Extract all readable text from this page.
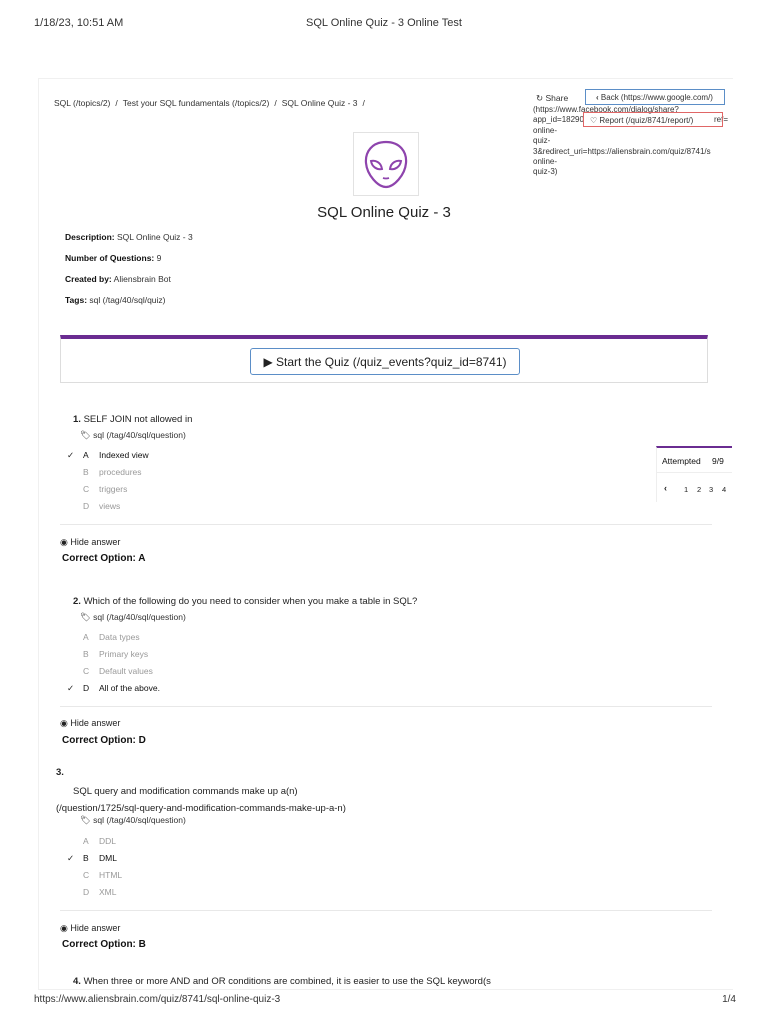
1/18/23, 10:51 AM	SQL Online Quiz - 3 Online Test
https://www.aliensbrain.com/quiz/8741/sql-online-quiz-3	1/4
SQL (/topics/2) / Test your SQL fundamentals (/topics/2) / SQL Online Quiz - 3 /	↻ Share
(https://www.facebook.com/dialog/share?
app_id=18290
online-
quiz-
3&redirect_uri=https://aliensbrain.com/quiz/8741/s
online-
quiz-3)
ref=
‹ Back (https://www.google.com/)
♡ Report (/quiz/8741/report/)
SQL Online Quiz - 3
Description: SQL Online Quiz - 3
Number of Questions: 9
Created by: Aliensbrain Bot
Tags: sql (/tag/40/sql/quiz)
▶ Start the Quiz (/quiz_events?quiz_id=8741)
Attempted 9/9
‹ 1 2 3 4
1. SELF JOIN not allowed in
🏷︎ sql (/tag/40/sql/question)
✓	A	Indexed view
B	procedures
C	triggers
D	views
◉ Hide answer
Correct Option: A
2. Which of the following do you need to consider when you make a table in SQL?
🏷︎ sql (/tag/40/sql/question)
A	Data types
B	Primary keys
C	Default values
✓	D	All of the above.
◉ Hide answer
Correct Option: D
3.
SQL query and modification commands make up a(n)
(/question/1725/sql-query-and-modification-commands-make-up-a-n)
🏷︎ sql (/tag/40/sql/question)
A	DDL
✓	B	DML
C	HTML
D	XML
◉ Hide answer
Correct Option: B
4. When three or more AND and OR conditions are combined, it is easier to use the SQL keyword(s
